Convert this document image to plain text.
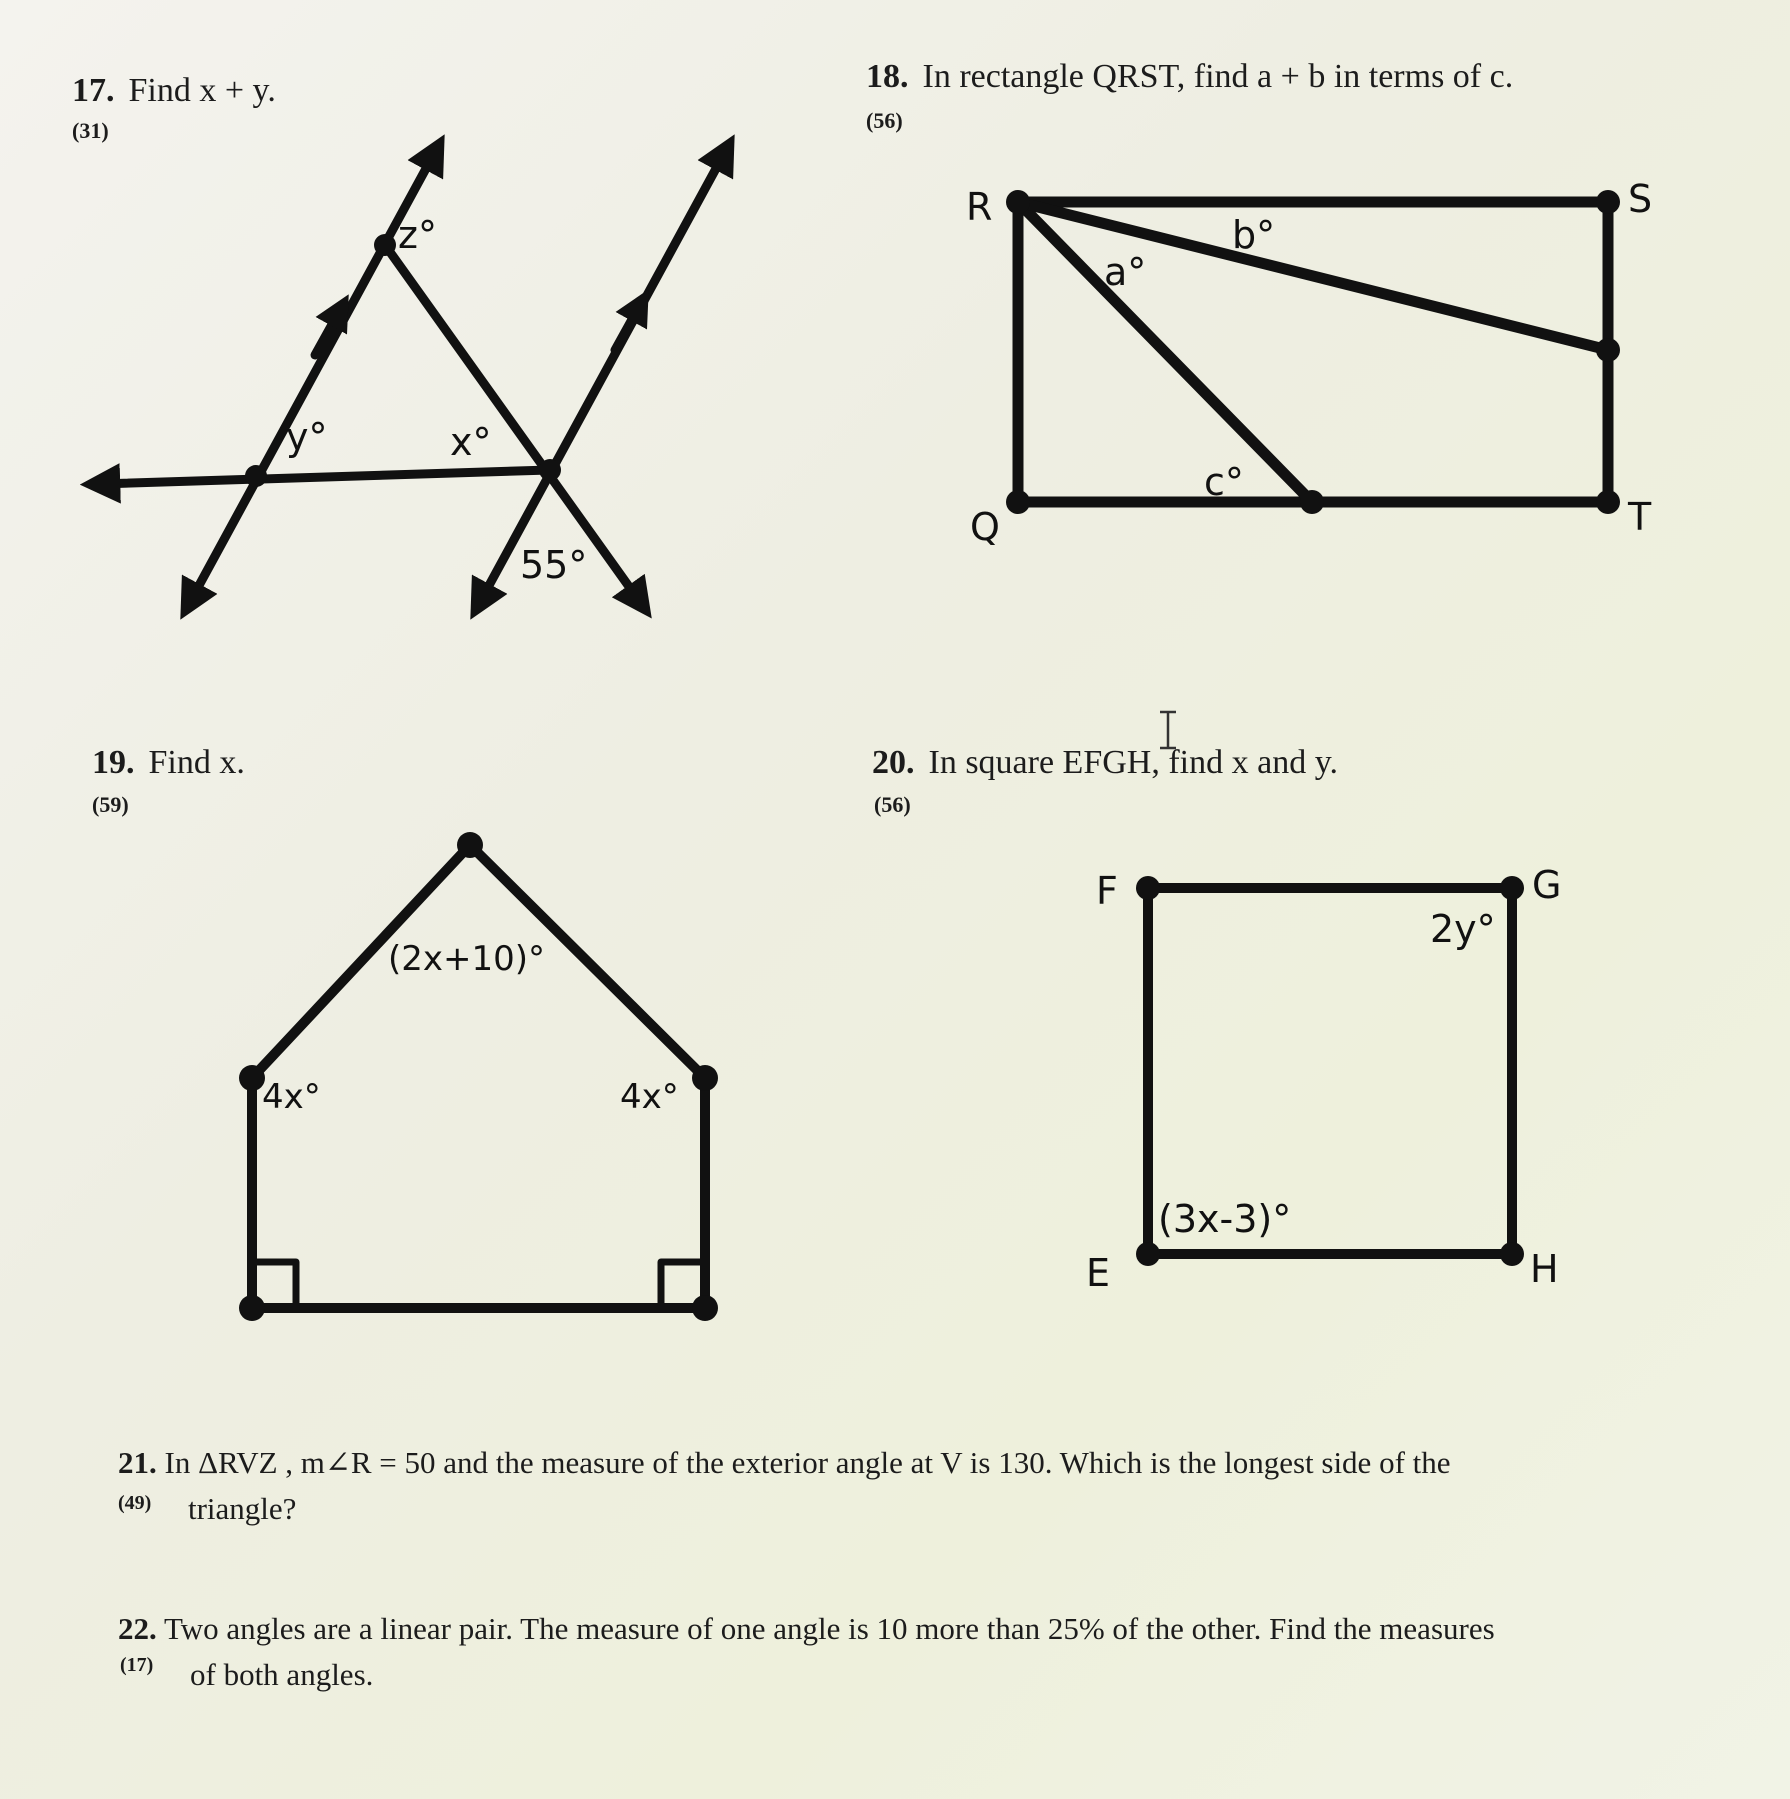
17. Find x + y.
(31)
18. In rectangle QRST, find a + b in terms of c.
(56)
19. Find x.
(59)
20. In square EFGH, find x and y.
(56)
z°
y°	x°
55°
R	S
Q	T
a°
b°
c°
(2x+10)°
4x°	4x°
F	G
E	H
2y°
(3x-3)°
21. In ΔRVZ , m∠R = 50 and the measure of the exterior angle at V is 130. Which is the longest side of the
triangle?
(49)
22. Two angles are a linear pair. The measure of one angle is 10 more than 25% of the other. Find the measures
of both angles.
(17)
